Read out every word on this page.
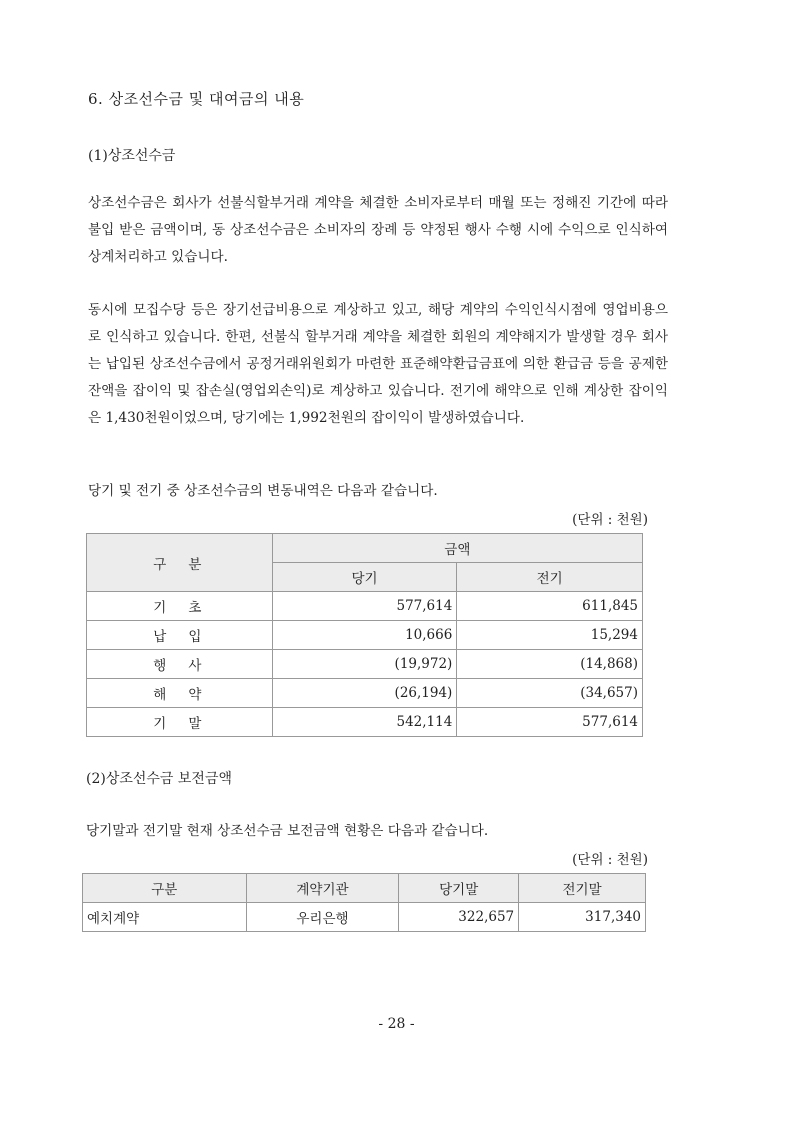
6. 상조선수금 및 대여금의 내용
(1)상조선수금

상조선수금은 회사가 선불식할부거래 계약을 체결한 소비자로부터 매월 또는 정해진 기간에 따라 불입 받은 금액이며, 동 상조선수금은 소비자의 장례 등 약정된 행사 수행 시에 수익으로 인식하여 상계처리하고 있습니다.

동시에 모집수당 등은 장기선급비용으로 계상하고 있고, 해당 계약의 수익인식시점에 영업비용으로 인식하고 있습니다. 한편, 선불식 할부거래 계약을 체결한 회원의 계약해지가 발생할 경우 회사는 납입된 상조선수금에서 공정거래위원회가 마련한 표준해약환급금표에 의한 환급금 등을 공제한 잔액을 잡이익 및 잡손실(영업외손익)로 계상하고 있습니다. 전기에 해약으로 인해 계상한 잡이익은 1,430천원이었으며, 당기에는 1,992천원의 잡이익이 발생하였습니다.

당기 및 전기 중 상조선수금의 변동내역은 다음과 같습니다.

(단위 : 천원)
구분	금액	
	당기	전기
기초	577,614	611,845
납입	10,666	15,294
행사	(19,972)	(14,868)
해약	(26,194)	(34,657)
기말	542,114	577,614
(2)상조선수금 보전금액

당기말과 전기말 현재 상조선수금 보전금액 현황은 다음과 같습니다.

(단위 : 천원)
구분	계약기관	당기말	전기말
예치계약	우리은행	322,657	317,340
- 28 -
